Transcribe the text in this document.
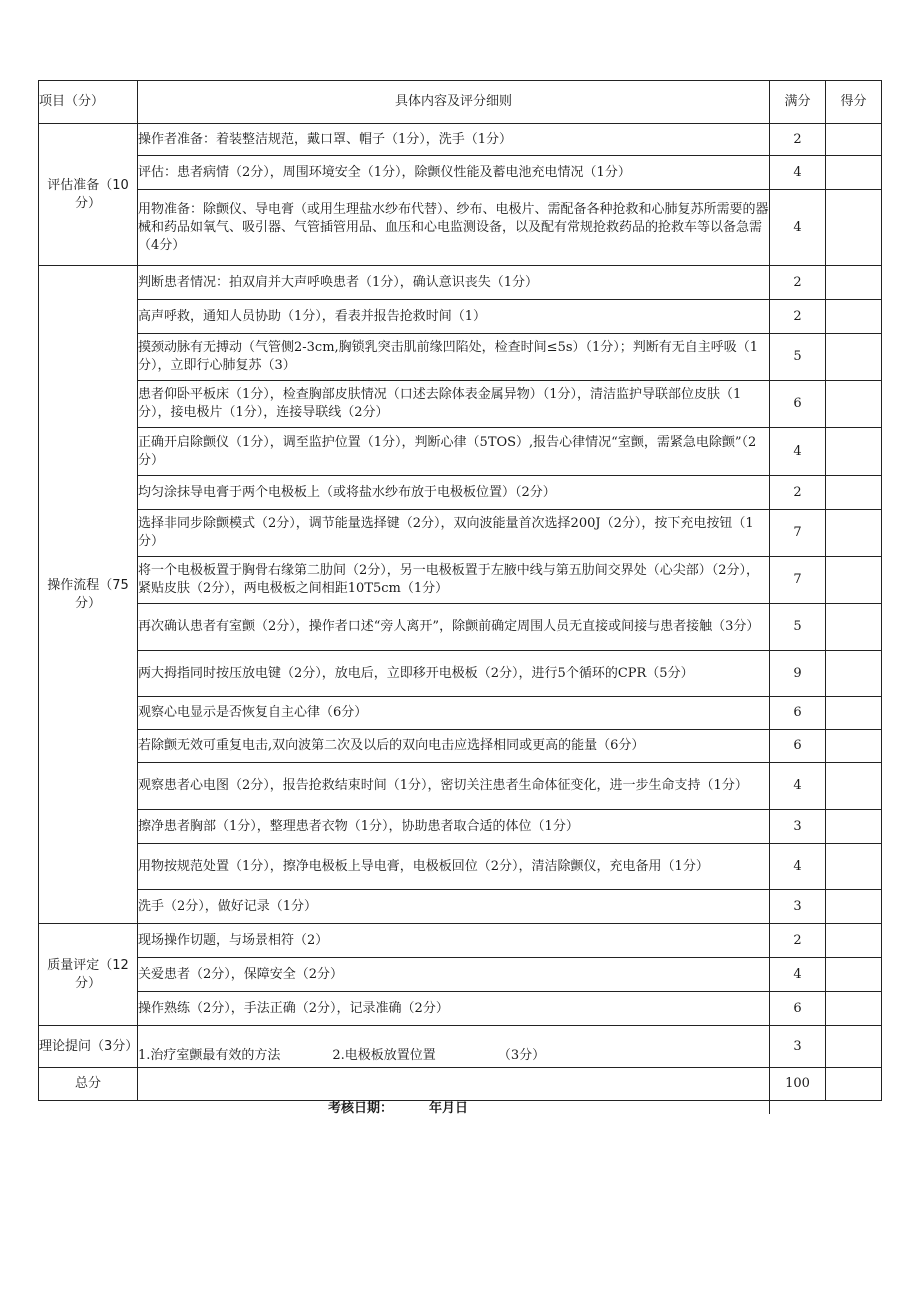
项目（分）	具体内容及评分细则	满分	得分
评估准备（10分）	操作者准备：着装整洁规范，戴口罩、帽子（1分），洗手（1分）	2	
	评估：患者病情（2分），周围环境安全（1分），除颤仪性能及蓄电池充电情况（1分）	4	
	用物准备：除颤仪、导电膏（或用生理盐水纱布代替）、纱布、电极片、需配备各种抢救和心肺复苏所需要的器械和药品如氧气、吸引器、气管插管用品、血压和心电监测设备，以及配有常规抢救药品的抢救车等以备急需（4分）	4	
操作流程（75分）	判断患者情况：拍双肩并大声呼唤患者（1分），确认意识丧失（1分）	2	
	高声呼救，通知人员协助（1分），看表并报告抢救时间（1）	2	
	摸颈动脉有无搏动（气管侧2-3cm,胸锁乳突击肌前缘凹陷处，检查时间≤5s）（1分）；判断有无自主呼吸（1分），立即行心肺复苏（3）	5	
	患者仰卧平板床（1分），检查胸部皮肤情况（口述去除体表金属异物）（1分），清洁监护导联部位皮肤（1分），接电极片（1分），连接导联线（2分）	6	
	正确开启除颤仪（1分），调至监护位置（1分），判断心律（5TOS）,报告心律情况“室颤，需紧急电除颤”（2分）	4	
	均匀涂抹导电膏于两个电极板上（或将盐水纱布放于电极板位置）（2分）	2	
	选择非同步除颤模式（2分），调节能量选择键（2分），双向波能量首次选择200J（2分），按下充电按钮（1分）	7	
	将一个电极板置于胸骨右缘第二肋间（2分），另一电极板置于左腋中线与第五肋间交界处（心尖部）（2分），紧贴皮肤（2分），两电极板之间相距10T5cm（1分）	7	
	再次确认患者有室颤（2分），操作者口述“旁人离开”，除颤前确定周围人员无直接或间接与患者接触（3分）	5	
	两大拇指同时按压放电键（2分），放电后，立即移开电极板（2分），进行5个循环的CPR（5分）	9	
	观察心电显示是否恢复自主心律（6分）	6	
	若除颤无效可重复电击,双向波第二次及以后的双向电击应选择相同或更高的能量（6分）	6	
	观察患者心电图（2分），报告抢救结束时间（1分），密切关注患者生命体征变化，进一步生命支持（1分）	4	
	擦净患者胸部（1分），整理患者衣物（1分），协助患者取合适的体位（1分）	3	
	用物按规范处置（1分），擦净电极板上导电膏，电极板回位（2分），清洁除颤仪，充电备用（1分）	4	
	洗手（2分），做好记录（1分）	3	
质量评定（12分）	现场操作切题，与场景相符（2）	2	
	关爱患者（2分），保障安全（2分）	4	
	操作熟练（2分），手法正确（2分），记录准确（2分）	6	
理论提问（3分）	1.治疗室颤最有效的方法 2.电极板放置位置 （3分）	3	
总分		100	
考核日期：	年月日
